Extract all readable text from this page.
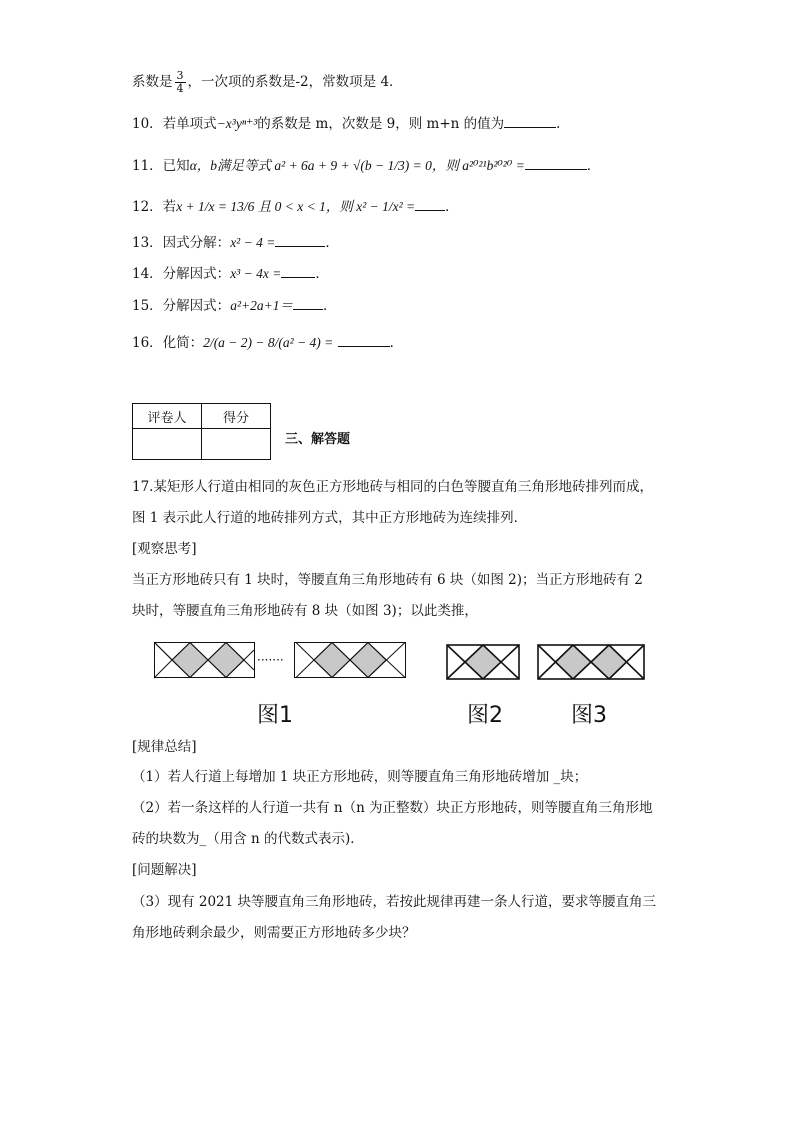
系数是 $\frac{3}{4}$ ，一次项的系数是-2，常数项是 4．
10．若单项式−x³yⁿ⁺³的系数是 m，次数是 9，则 m+n 的值为	．
11．已知α，b满足等式 a² + 6a + 9 + √(b − 1/3) = 0，则 a²⁰²¹b²⁰²⁰ =	．
12．若x + 1/x = 13/6 且 0 < x < 1，则 x² − 1/x² = ．
13．因式分解：x² − 4 =	．
14．分解因式：x³ − 4x =	．
15．分解因式：a²+2a+1＝ ．
16．化简：2/(a − 2) − 8/(a² − 4) =	．
评卷人	得分

三、解答题
17.某矩形人行道由相同的灰色正方形地砖与相同的白色等腰直角三角形地砖排列而成，
图 1 表示此人行道的地砖排列方式，其中正方形地砖为连续排列．
[观察思考]
当正方形地砖只有 1 块时，等腰直角三角形地砖有 6 块（如图 2)；当正方形地砖有 2
块时，等腰直角三角形地砖有 8 块（如图 3)；以此类推，
·······
图1	图2	图3
[规律总结]
（1）若人行道上每增加 1 块正方形地砖，则等腰直角三角形地砖增加 _块；
（2）若一条这样的人行道一共有 n（n 为正整数）块正方形地砖，则等腰直角三角形地
砖的块数为_（用含 n 的代数式表示)．
[问题解决]
（3）现有 2021 块等腰直角三角形地砖，若按此规律再建一条人行道，要求等腰直角三
角形地砖剩余最少，则需要正方形地砖多少块？
